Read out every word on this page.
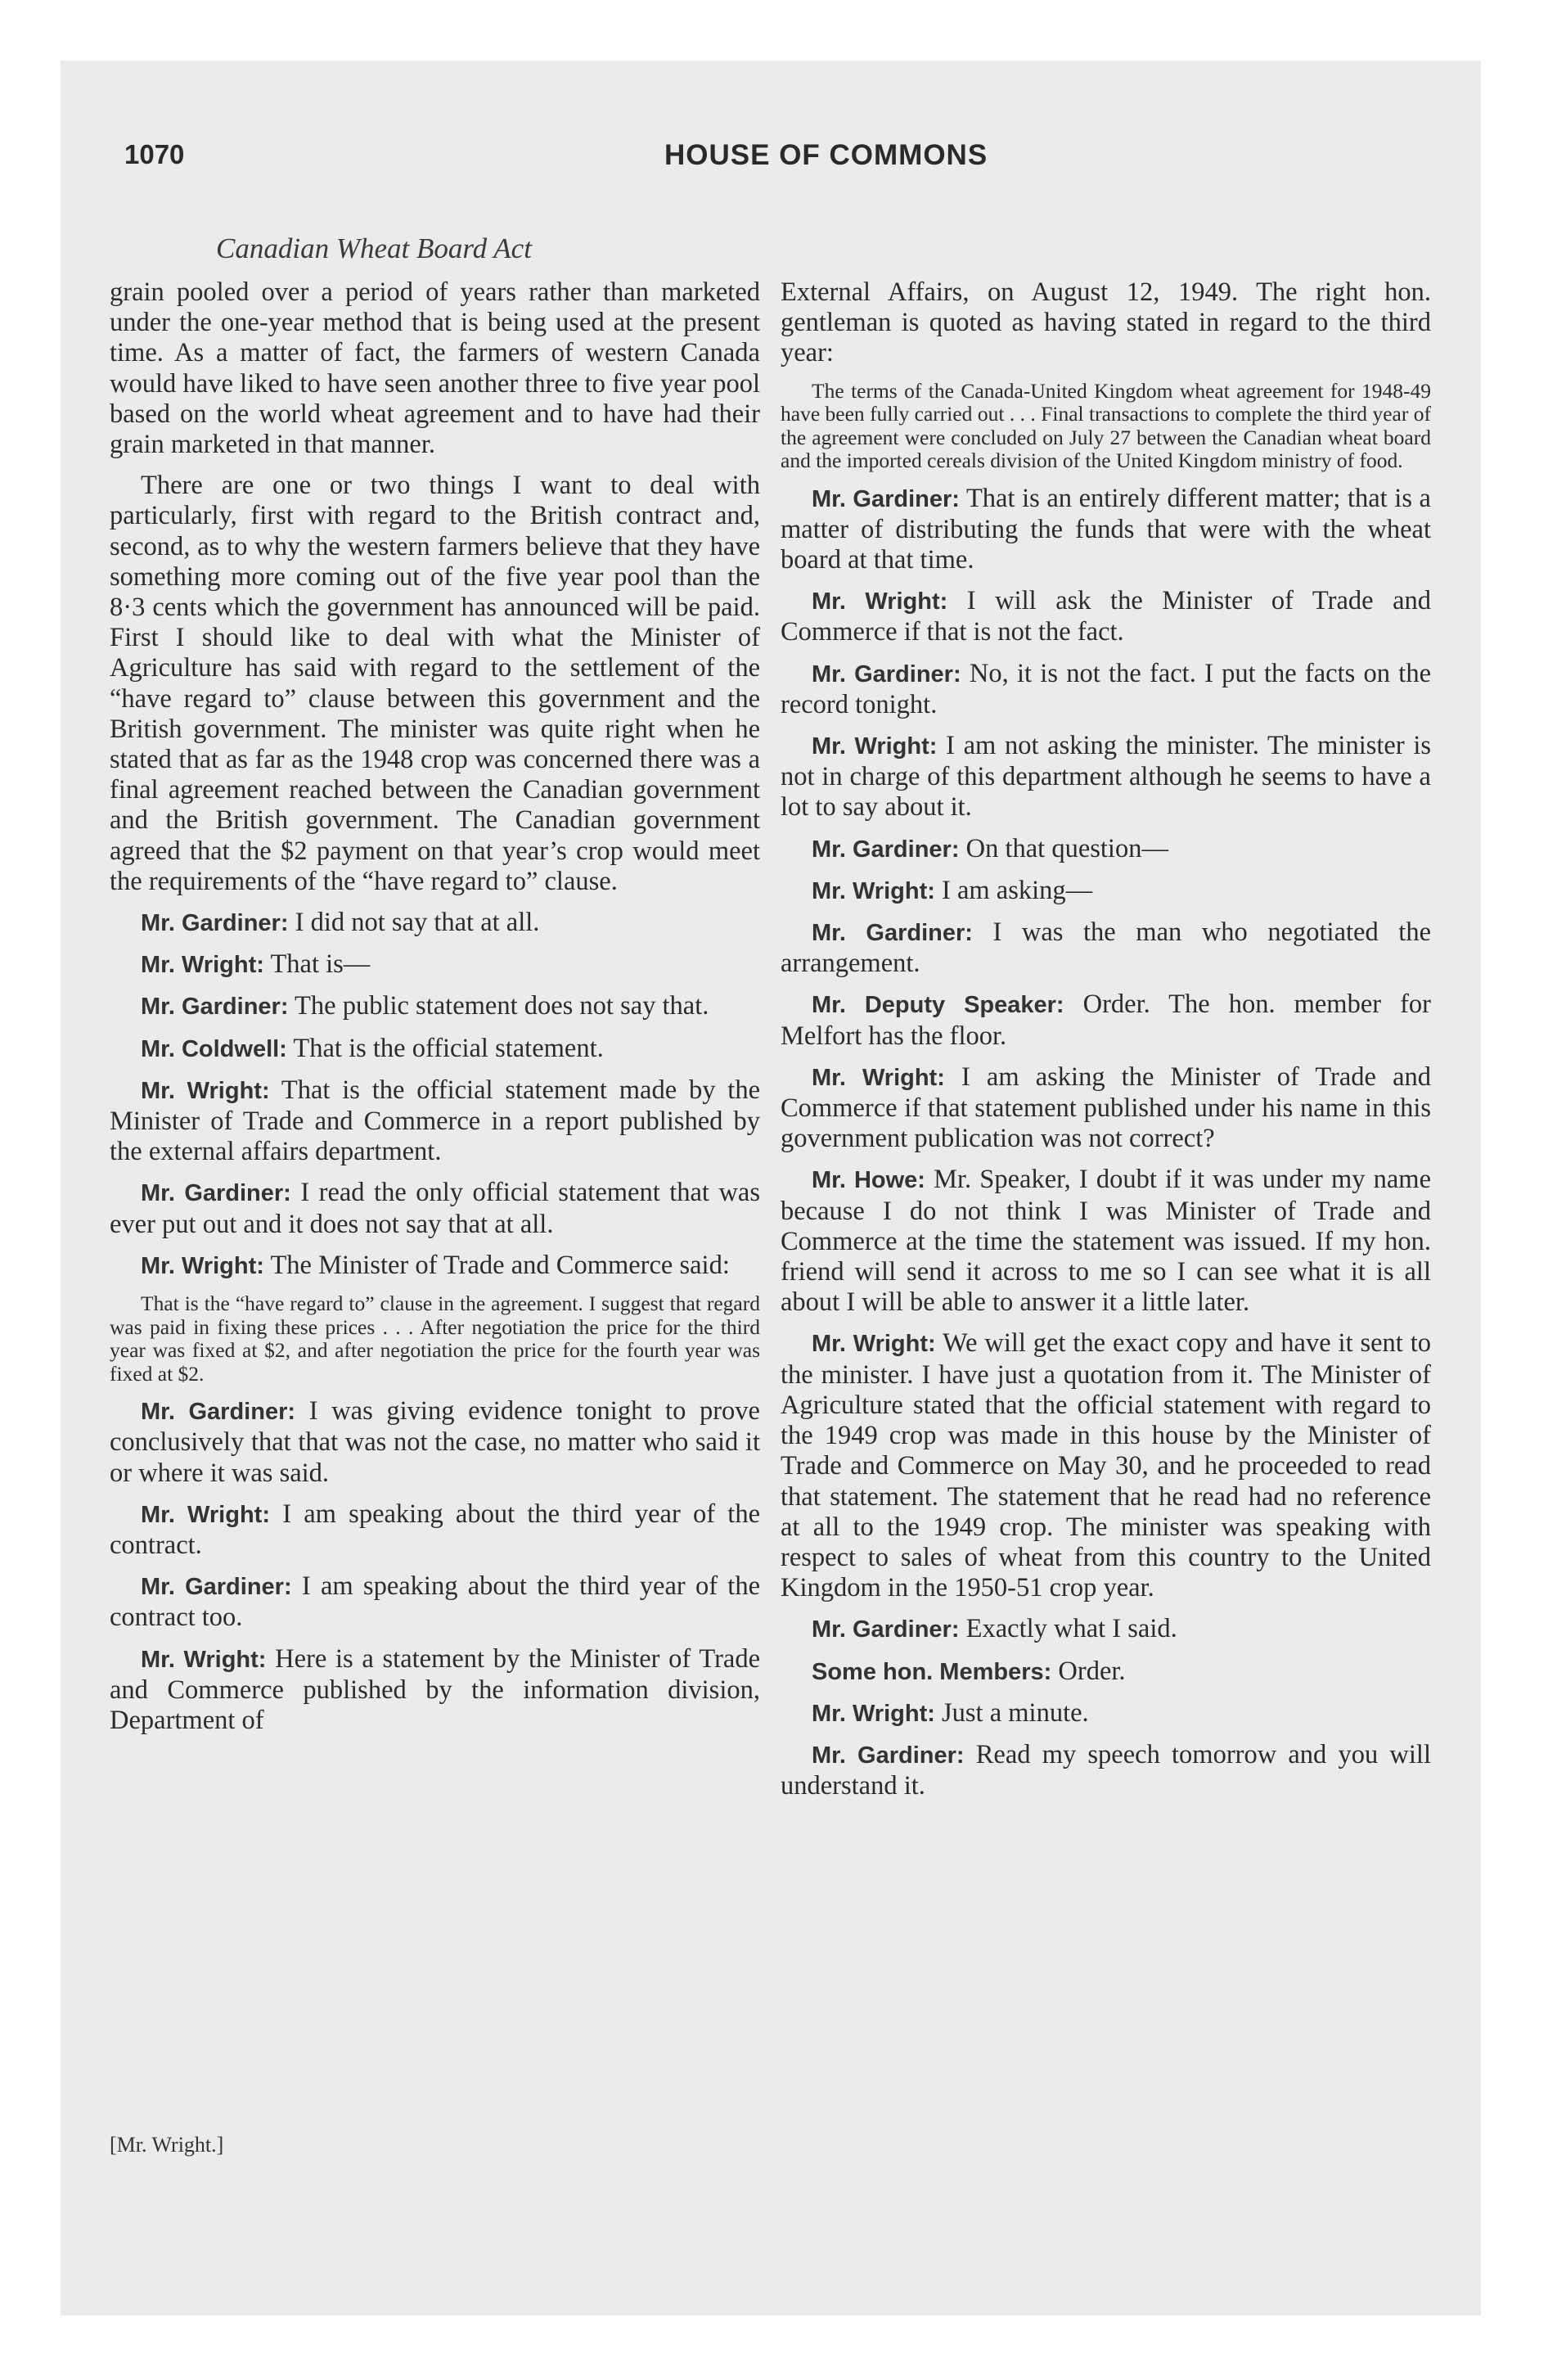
1070	HOUSE OF COMMONS
Canadian Wheat Board Act

grain pooled over a period of years rather than marketed under the one-year method that is being used at the present time. As a matter of fact, the farmers of western Canada would have liked to have seen another three to five year pool based on the world wheat agreement and to have had their grain marketed in that manner.

There are one or two things I want to deal with particularly, first with regard to the British contract and, second, as to why the western farmers believe that they have something more coming out of the five year pool than the 8·3 cents which the government has announced will be paid. First I should like to deal with what the Minister of Agriculture has said with regard to the settlement of the “have regard to” clause between this government and the British government. The minister was quite right when he stated that as far as the 1948 crop was concerned there was a final agreement reached between the Canadian government and the British government. The Canadian government agreed that the $2 payment on that year’s crop would meet the requirements of the “have regard to” clause.

Mr. Gardiner: I did not say that at all.

Mr. Wright: That is—

Mr. Gardiner: The public statement does not say that.

Mr. Coldwell: That is the official statement.

Mr. Wright: That is the official statement made by the Minister of Trade and Commerce in a report published by the external affairs department.

Mr. Gardiner: I read the only official statement that was ever put out and it does not say that at all.

Mr. Wright: The Minister of Trade and Commerce said:

That is the “have regard to” clause in the agreement. I suggest that regard was paid in fixing these prices . . . After negotiation the price for the third year was fixed at $2, and after negotiation the price for the fourth year was fixed at $2.

Mr. Gardiner: I was giving evidence tonight to prove conclusively that that was not the case, no matter who said it or where it was said.

Mr. Wright: I am speaking about the third year of the contract.

Mr. Gardiner: I am speaking about the third year of the contract too.

Mr. Wright: Here is a statement by the Minister of Trade and Commerce published by the information division, Department of

External Affairs, on August 12, 1949. The right hon. gentleman is quoted as having stated in regard to the third year:

The terms of the Canada-United Kingdom wheat agreement for 1948-49 have been fully carried out . . . Final transactions to complete the third year of the agreement were concluded on July 27 between the Canadian wheat board and the imported cereals division of the United Kingdom ministry of food.

Mr. Gardiner: That is an entirely different matter; that is a matter of distributing the funds that were with the wheat board at that time.

Mr. Wright: I will ask the Minister of Trade and Commerce if that is not the fact.

Mr. Gardiner: No, it is not the fact. I put the facts on the record tonight.

Mr. Wright: I am not asking the minister. The minister is not in charge of this department although he seems to have a lot to say about it.

Mr. Gardiner: On that question—

Mr. Wright: I am asking—

Mr. Gardiner: I was the man who negotiated the arrangement.

Mr. Deputy Speaker: Order. The hon. member for Melfort has the floor.

Mr. Wright: I am asking the Minister of Trade and Commerce if that statement published under his name in this government publication was not correct?

Mr. Howe: Mr. Speaker, I doubt if it was under my name because I do not think I was Minister of Trade and Commerce at the time the statement was issued. If my hon. friend will send it across to me so I can see what it is all about I will be able to answer it a little later.

Mr. Wright: We will get the exact copy and have it sent to the minister. I have just a quotation from it. The Minister of Agriculture stated that the official statement with regard to the 1949 crop was made in this house by the Minister of Trade and Commerce on May 30, and he proceeded to read that statement. The statement that he read had no reference at all to the 1949 crop. The minister was speaking with respect to sales of wheat from this country to the United Kingdom in the 1950-51 crop year.

Mr. Gardiner: Exactly what I said.

Some hon. Members: Order.

Mr. Wright: Just a minute.

Mr. Gardiner: Read my speech tomorrow and you will understand it.

[Mr. Wright.]
